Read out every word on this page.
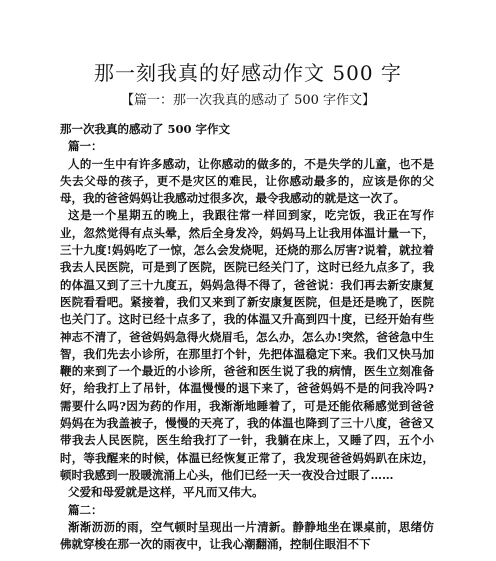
那一刻我真的好感动作文 500 字
【篇一：那一次我真的感动了 500 字作文】

那一次我真的感动了 500 字作文

篇一：

人的一生中有许多感动，让你感动的做多的，不是失学的儿童，也不是失去父母的孩子，更不是灾区的难民，让你感动最多的，应该是你的父母，我的爸爸妈妈让我感动过很多次，最令我感动的就是这一次了。

这是一个星期五的晚上，我跟往常一样回到家，吃完饭，我正在写作业，忽然觉得有点头晕，然后全身发冷，妈妈马上让我用体温计量一下，三十九度!妈妈吃了一惊，怎么会发烧呢，还烧的那么厉害?说着，就拉着我去人民医院，可是到了医院，医院已经关门了，这时已经九点多了，我的体温又到了三十九度五，妈妈急得不得了，爸爸说：我们再去新安康复医院看看吧。紧接着，我们又来到了新安康复医院，但是还是晚了，医院也关门了。这时已经十点多了，我的体温又升高到四十度，已经开始有些神志不清了，爸爸妈妈急得火烧眉毛，怎么办，怎么办!突然，爸爸急中生智，我们先去小诊所，在那里打个针，先把体温稳定下来。我们又快马加鞭的来到了一个最近的小诊所，爸爸和医生说了我的病情，医生立刻准备好，给我打上了吊针，体温慢慢的退下来了，爸爸妈妈不是的问我冷吗?需要什么吗?因为药的作用，我渐渐地睡着了，可是还能依稀感觉到爸爸妈妈在为我盖被子，慢慢的天亮了，我的体温也降到了三十八度，爸爸又带我去人民医院，医生给我打了一针，我躺在床上，又睡了四，五个小时，等我醒来的时候，体温已经恢复正常了，我发现爸爸妈妈趴在床边，顿时我感到一股暖流涌上心头，他们已经一天一夜没合过眼了……

父爱和母爱就是这样，平凡而又伟大。

篇二：

渐渐沥沥的雨，空气顿时呈现出一片清新。静静地坐在课桌前，思绪仿佛就穿梭在那一次的雨夜中，让我心潮翻涌，控制住眼泪不下
